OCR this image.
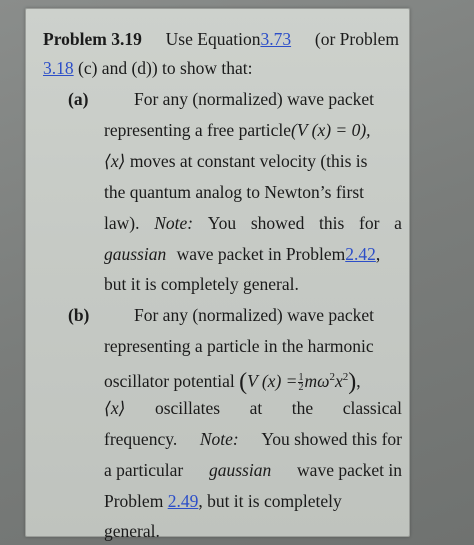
Problem 3.19 Use Equation3.73 (or Problem
3.18 (c) and (d)) to show that:
(a)	For any (normalized) wave packet
representing a free particle(V (x) = 0),
⟨x⟩ moves at constant velocity (this is
the quantum analog to Newton’s first
law). Note: You showed this for a
gaussian wave packet in Problem2.42,
but it is completely general.
(b)	For any (normalized) wave packet
representing a particle in the harmonic
oscillator potential (V $(x) = \frac{1}{2} m\omega^2x^2$),
⟨x⟩ oscillates at the classical
frequency. Note: You showed this for
a particular gaussian wave packet in
Problem 2.49, but it is completely
general.
